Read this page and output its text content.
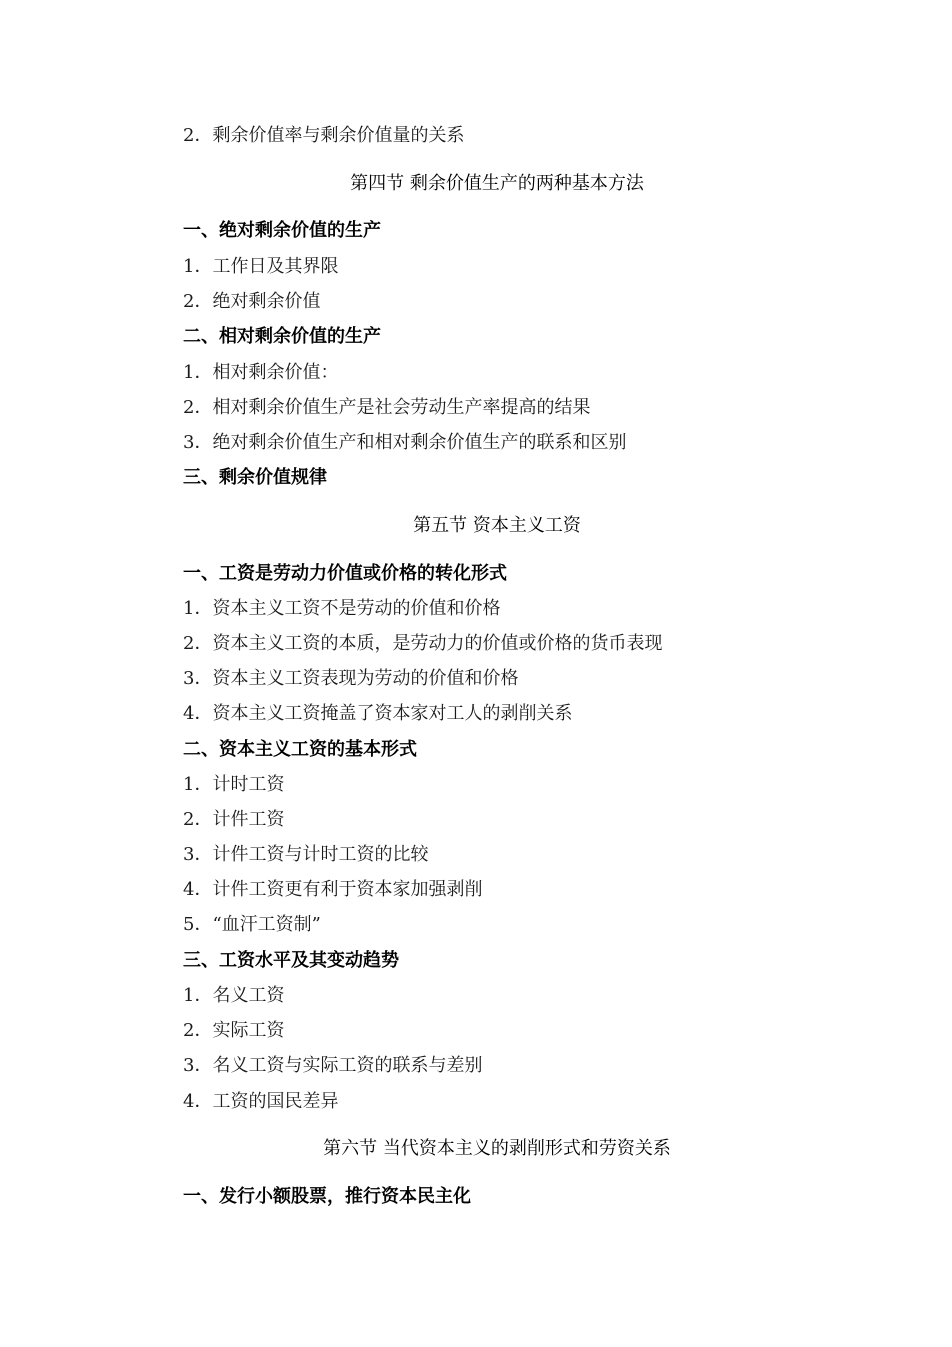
2．剩余价值率与剩余价值量的关系
第四节 剩余价值生产的两种基本方法
一、绝对剩余价值的生产
1．工作日及其界限
2．绝对剩余价值
二、相对剩余价值的生产
1．相对剩余价值：
2．相对剩余价值生产是社会劳动生产率提高的结果
3．绝对剩余价值生产和相对剩余价值生产的联系和区别
三、剩余价值规律
第五节 资本主义工资
一、工资是劳动力价值或价格的转化形式
1．资本主义工资不是劳动的价值和价格
2．资本主义工资的本质，是劳动力的价值或价格的货币表现
3．资本主义工资表现为劳动的价值和价格
4．资本主义工资掩盖了资本家对工人的剥削关系
二、资本主义工资的基本形式
1．计时工资
2．计件工资
3．计件工资与计时工资的比较
4．计件工资更有利于资本家加强剥削
5．“血汗工资制”
三、工资水平及其变动趋势
1．名义工资
2．实际工资
3．名义工资与实际工资的联系与差别
4．工资的国民差异
第六节 当代资本主义的剥削形式和劳资关系
一、发行小额股票，推行资本民主化
